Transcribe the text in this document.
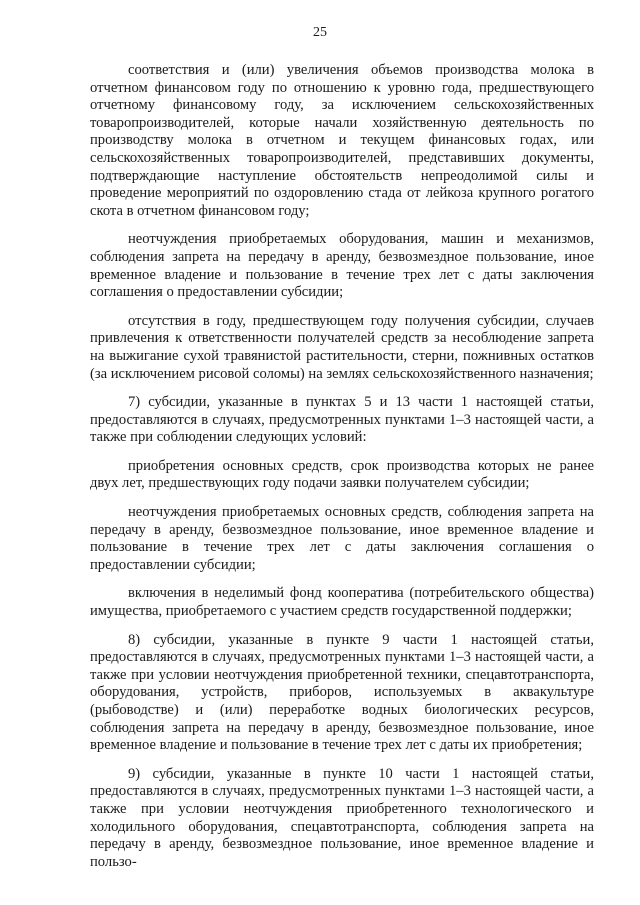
25

соответствия и (или) увеличения объемов производства молока в отчетном финансовом году по отношению к уровню года, предшествующего отчетному финансовому году, за исключением сельскохозяйственных товаропроизводителей, которые начали хозяйственную деятельность по производству молока в отчетном и текущем финансовых годах, или сельскохозяйственных товаропроизводителей, представивших документы, подтверждающие наступление обстоятельств непреодолимой силы и проведение мероприятий по оздоровлению стада от лейкоза крупного рогатого скота в отчетном финансовом году;

неотчуждения приобретаемых оборудования, машин и механизмов, соблюдения запрета на передачу в аренду, безвозмездное пользование, иное временное владение и пользование в течение трех лет с даты заключения соглашения о предоставлении субсидии;

отсутствия в году, предшествующем году получения субсидии, случаев привлечения к ответственности получателей средств за несоблюдение запрета на выжигание сухой травянистой растительности, стерни, пожнивных остатков (за исключением рисовой соломы) на землях сельскохозяйственного назначения;

7) субсидии, указанные в пунктах 5 и 13 части 1 настоящей статьи, предоставляются в случаях, предусмотренных пунктами 1–3 настоящей части, а также при соблюдении следующих условий:

приобретения основных средств, срок производства которых не ранее двух лет, предшествующих году подачи заявки получателем субсидии;

неотчуждения приобретаемых основных средств, соблюдения запрета на передачу в аренду, безвозмездное пользование, иное временное владение и пользование в течение трех лет с даты заключения соглашения о предоставлении субсидии;

включения в неделимый фонд кооператива (потребительского общества) имущества, приобретаемого с участием средств государственной поддержки;

8) субсидии, указанные в пункте 9 части 1 настоящей статьи, предоставляются в случаях, предусмотренных пунктами 1–3 настоящей части, а также при условии неотчуждения приобретенной техники, спецавтотранспорта, оборудования, устройств, приборов, используемых в аквакультуре (рыбоводстве) и (или) переработке водных биологических ресурсов, соблюдения запрета на передачу в аренду, безвозмездное пользование, иное временное владение и пользование в течение трех лет с даты их приобретения;

9) субсидии, указанные в пункте 10 части 1 настоящей статьи, предоставляются в случаях, предусмотренных пунктами 1–3 настоящей части, а также при условии неотчуждения приобретенного технологического и холодильного оборудования, спецавтотранспорта, соблюдения запрета на передачу в аренду, безвозмездное пользование, иное временное владение и пользо-
